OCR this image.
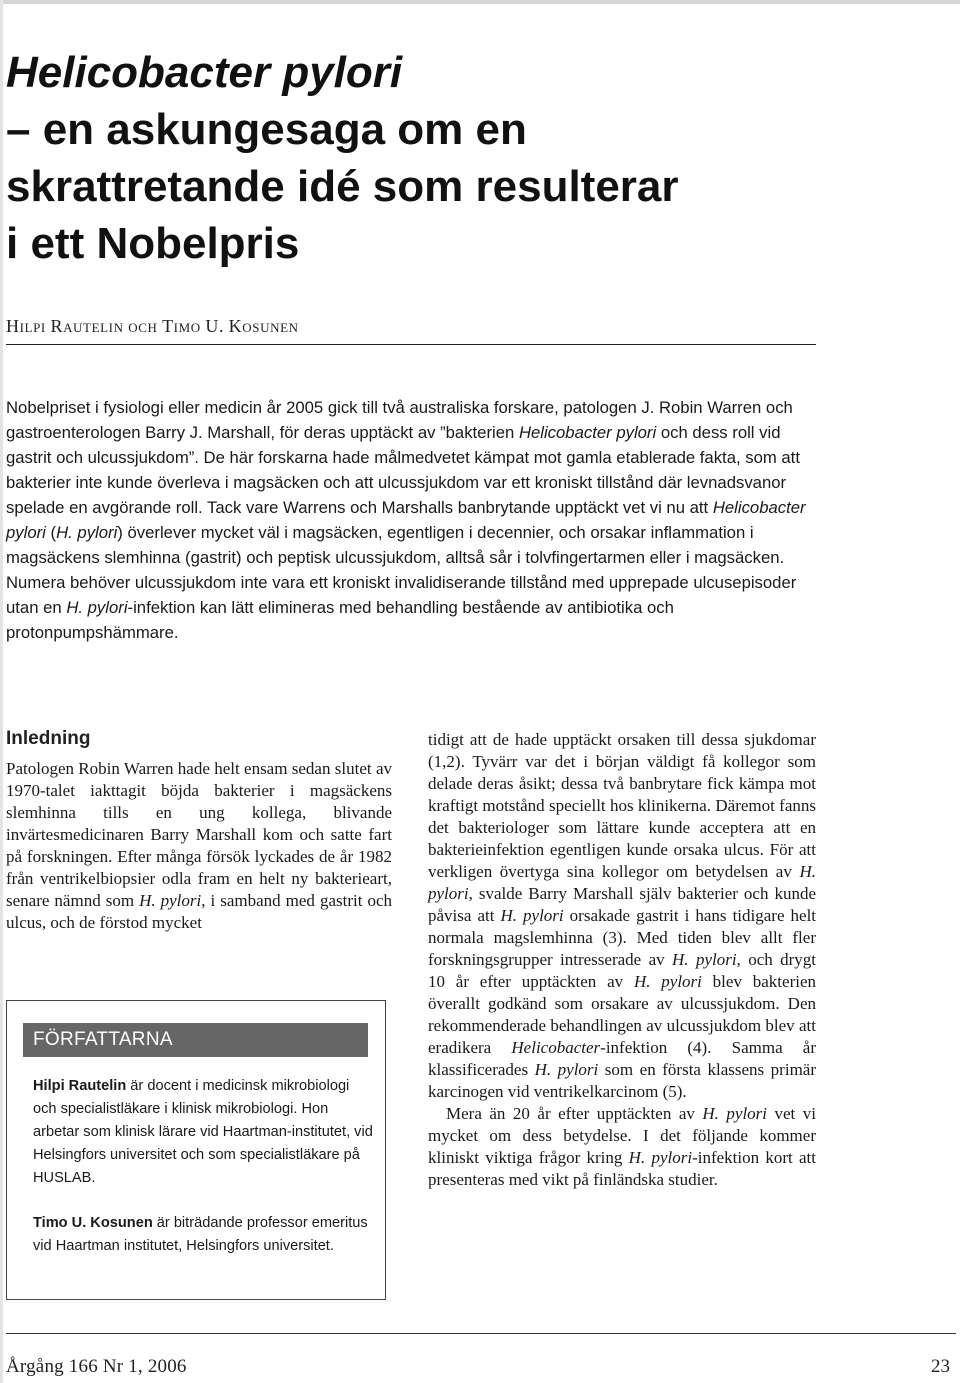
Helicobacter pylori
– en askungesaga om en
skrattretande idé som resulterar
i ett Nobelpris
HILPI RAUTELIN OCH TIMO U. KOSUNEN

Nobelpriset i fysiologi eller medicin år 2005 gick till två australiska forskare, patologen J. Robin Warren och gastroenterologen Barry J. Marshall, för deras upptäckt av ”bakterien Helicobacter pylori och dess roll vid gastrit och ulcussjukdom”. De här forskarna hade målmedvetet kämpat mot gamla etablerade fakta, som att bakterier inte kunde överleva i magsäcken och att ulcussjukdom var ett kroniskt tillstånd där levnadsvanor spelade en avgörande roll. Tack vare Warrens och Marshalls banbrytande upptäckt vet vi nu att Helicobacter pylori (H. pylori) överlever mycket väl i magsäcken, egentligen i decennier, och orsakar inflammation i magsäckens slemhinna (gastrit) och peptisk ulcussjukdom, alltså sår i tolvfingertarmen eller i magsäcken. Numera behöver ulcussjukdom inte vara ett kroniskt invalidiserande tillstånd med upprepade ulcusepisoder utan en H. pylori-infektion kan lätt elimineras med behandling bestående av antibiotika och protonpumpshämmare.

Inledning

Patologen Robin Warren hade helt ensam sedan slutet av 1970-talet iakttagit böjda bakterier i magsäckens slemhinna tills en ung kollega, blivande invärtesmedicinaren Barry Marshall kom och satte fart på forskningen. Efter många försök lyckades de år 1982 från ventrikelbiopsier odla fram en helt ny bakterieart, senare nämnd som H. pylori, i samband med gastrit och ulcus, och de förstod mycket

FÖRFATTARNA
Hilpi Rautelin är docent i medicinsk mikrobiologi och specialistläkare i klinisk mikrobiologi. Hon arbetar som klinisk lärare vid Haartman-institutet, vid Helsingfors universitet och som specialistläkare på HUSLAB.
Timo U. Kosunen är biträdande professor emeritus vid Haartman institutet, Helsingfors universitet.

tidigt att de hade upptäckt orsaken till dessa sjukdomar (1,2). Tyvärr var det i början väldigt få kollegor som delade deras åsikt; dessa två banbrytare fick kämpa mot kraftigt motstånd speciellt hos klinikerna. Däremot fanns det bakteriologer som lättare kunde acceptera att en bakterieinfektion egentligen kunde orsaka ulcus. För att verkligen övertyga sina kollegor om betydelsen av H. pylori, svalde Barry Marshall själv bakterier och kunde påvisa att H. pylori orsakade gastrit i hans tidigare helt normala magslemhinna (3). Med tiden blev allt fler forskningsgrupper intresserade av H. pylori, och drygt 10 år efter upptäckten av H. pylori blev bakterien överallt godkänd som orsakare av ulcussjukdom. Den rekommenderade behandlingen av ulcussjukdom blev att eradikera Helicobacter-infektion (4). Samma år klassificerades H. pylori som en första klassens primär karcinogen vid ventrikelkarcinom (5).

Mera än 20 år efter upptäckten av H. pylori vet vi mycket om dess betydelse. I det följande kommer kliniskt viktiga frågor kring H. pylori-infektion kort att presenteras med vikt på finländska studier.

Årgång 166 Nr 1, 2006	23
